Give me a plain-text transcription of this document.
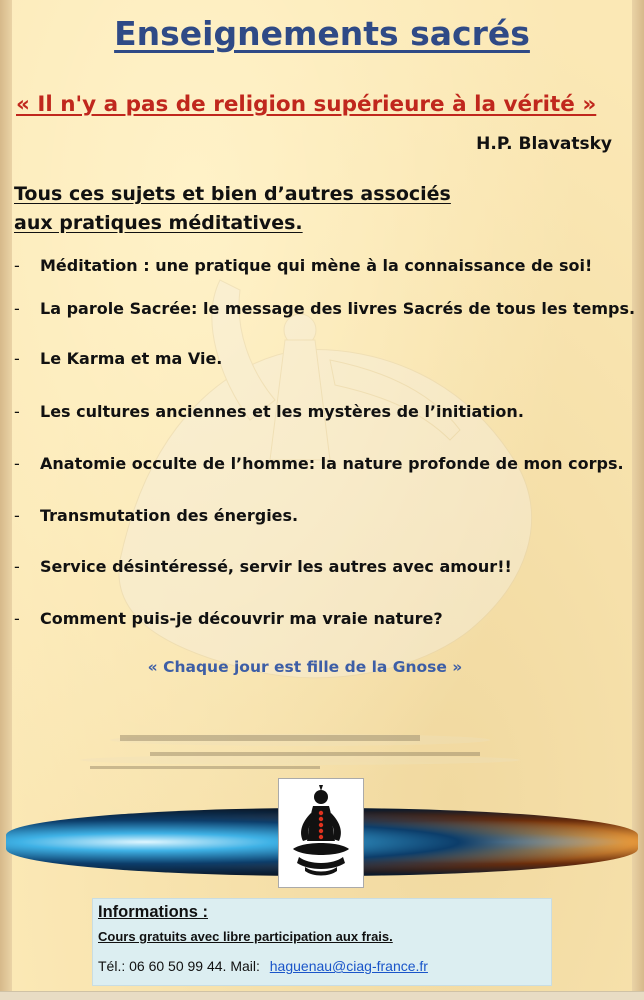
Enseignements sacrés
« Il n'y a pas de religion supérieure à la vérité »
H.P. Blavatsky
Tous ces sujets et bien d’autres associés
aux pratiques méditatives.
- Méditation : une pratique qui mène à la connaissance de soi!
- La parole Sacrée: le message des livres Sacrés de tous les temps.
- Le Karma et ma Vie.
- Les cultures anciennes et les mystères de l’initiation.
- Anatomie occulte de l’homme: la nature profonde de mon corps.
- Transmutation des énergies.
- Service désintéressé, servir les autres avec amour!!
- Comment puis-je découvrir ma vraie nature?
« Chaque jour est fille de la Gnose »
Informations :
Cours gratuits avec libre participation aux frais.
Tél.: 06 60 50 99 44. Mail: haguenau@ciag-france.fr
